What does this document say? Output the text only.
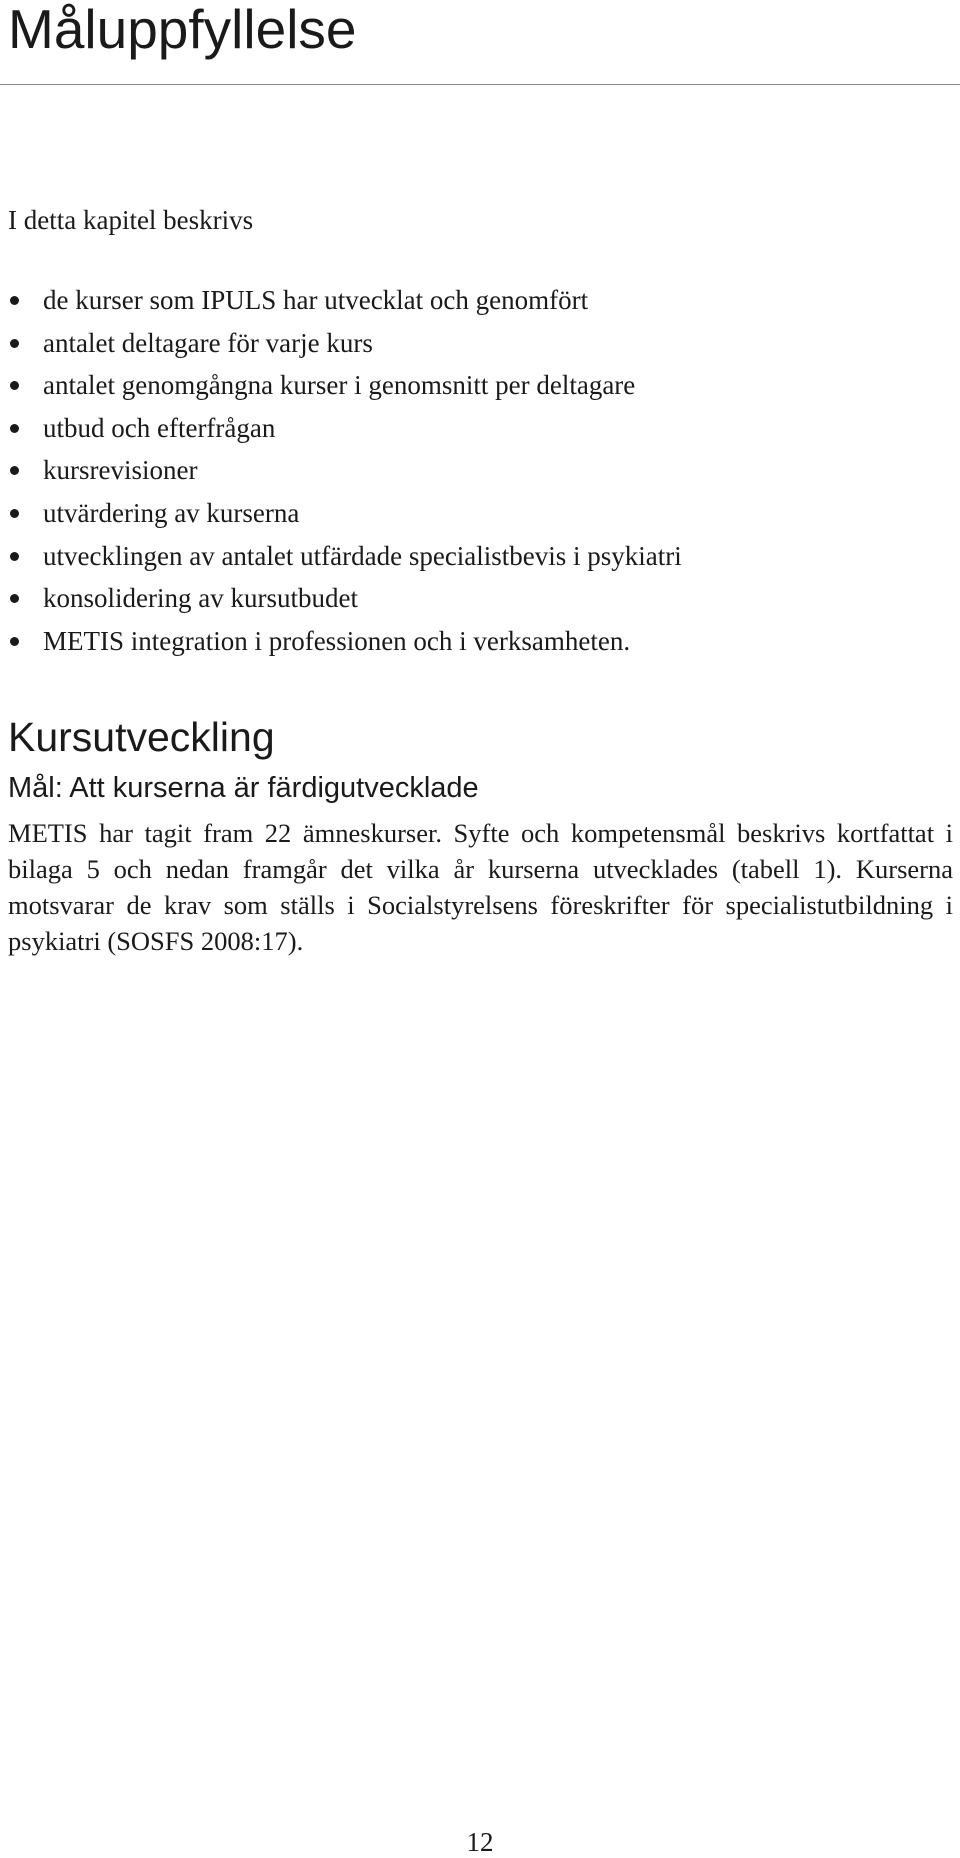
Måluppfyllelse

I detta kapitel beskrivs

de kurser som IPULS har utvecklat och genomfört
antalet deltagare för varje kurs
antalet genomgångna kurser i genomsnitt per deltagare
utbud och efterfrågan
kursrevisioner
utvärdering av kurserna
utvecklingen av antalet utfärdade specialistbevis i psykiatri
konsolidering av kursutbudet
METIS integration i professionen och i verksamheten.
Kursutveckling
Mål: Att kurserna är färdigutvecklade

METIS har tagit fram 22 ämneskurser. Syfte och kompetensmål beskrivs kortfattat i bilaga 5 och nedan framgår det vilka år kurserna utvecklades (tabell 1). Kurserna motsvarar de krav som ställs i Socialstyrelsens föreskrifter för specialistutbildning i psykiatri (SOSFS 2008:17).

12
